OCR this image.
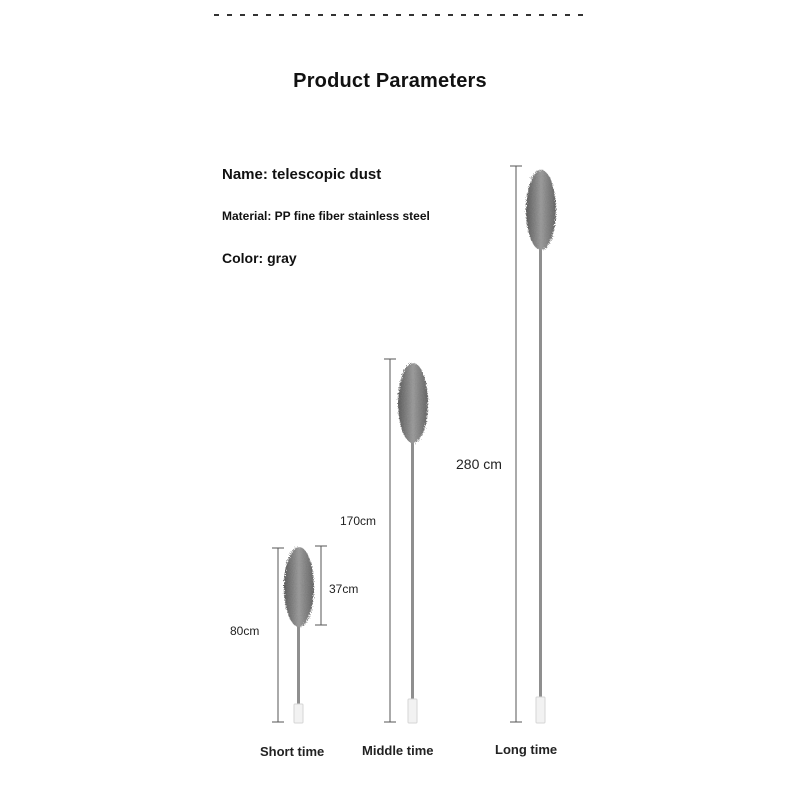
Product Parameters
Name: telescopic dust
Material: PP fine fiber stainless steel
Color: gray
80cm
37cm
170cm
280 cm
Short time	Middle time	Long time
